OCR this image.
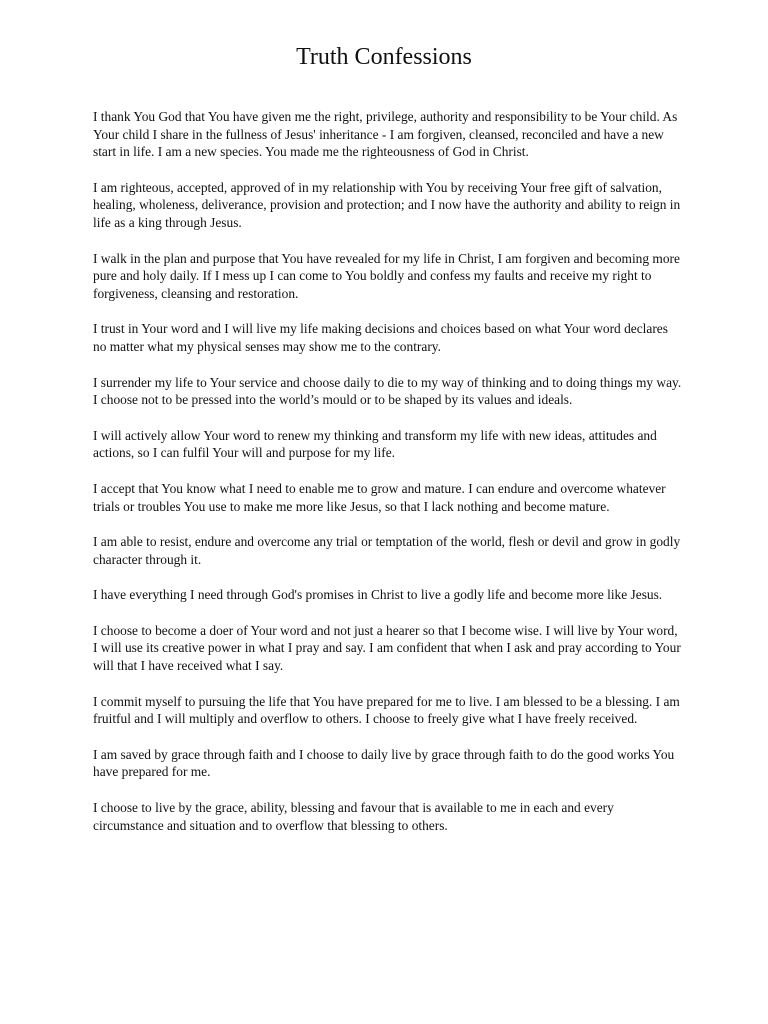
Truth Confessions

I thank You God that You have given me the right, privilege, authority and responsibility to be Your child. As Your child I share in the fullness of Jesus' inheritance - I am forgiven, cleansed, reconciled and have a new start in life. I am a new species. You made me the righteousness of God in Christ.

I am righteous, accepted, approved of in my relationship with You by receiving Your free gift of salvation, healing, wholeness, deliverance, provision and protection; and I now have the authority and ability to reign in life as a king through Jesus.

I walk in the plan and purpose that You have revealed for my life in Christ, I am forgiven and becoming more pure and holy daily. If I mess up I can come to You boldly and confess my faults and receive my right to forgiveness, cleansing and restoration.

I trust in Your word and I will live my life making decisions and choices based on what Your word declares no matter what my physical senses may show me to the contrary.

I surrender my life to Your service and choose daily to die to my way of thinking and to doing things my way. I choose not to be pressed into the world’s mould or to be shaped by its values and ideals.

I will actively allow Your word to renew my thinking and transform my life with new ideas, attitudes and actions, so I can fulfil Your will and purpose for my life.

I accept that You know what I need to enable me to grow and mature. I can endure and overcome whatever trials or troubles You use to make me more like Jesus, so that I lack nothing and become mature.

I am able to resist, endure and overcome any trial or temptation of the world, flesh or devil and grow in godly character through it.

I have everything I need through God's promises in Christ to live a godly life and become more like Jesus.

I choose to become a doer of Your word and not just a hearer so that I become wise. I will live by Your word, I will use its creative power in what I pray and say. I am confident that when I ask and pray according to Your will that I have received what I say.

I commit myself to pursuing the life that You have prepared for me to live. I am blessed to be a blessing. I am fruitful and I will multiply and overflow to others. I choose to freely give what I have freely received.

I am saved by grace through faith and I choose to daily live by grace through faith to do the good works You have prepared for me.

I choose to live by the grace, ability, blessing and favour that is available to me in each and every circumstance and situation and to overflow that blessing to others.
